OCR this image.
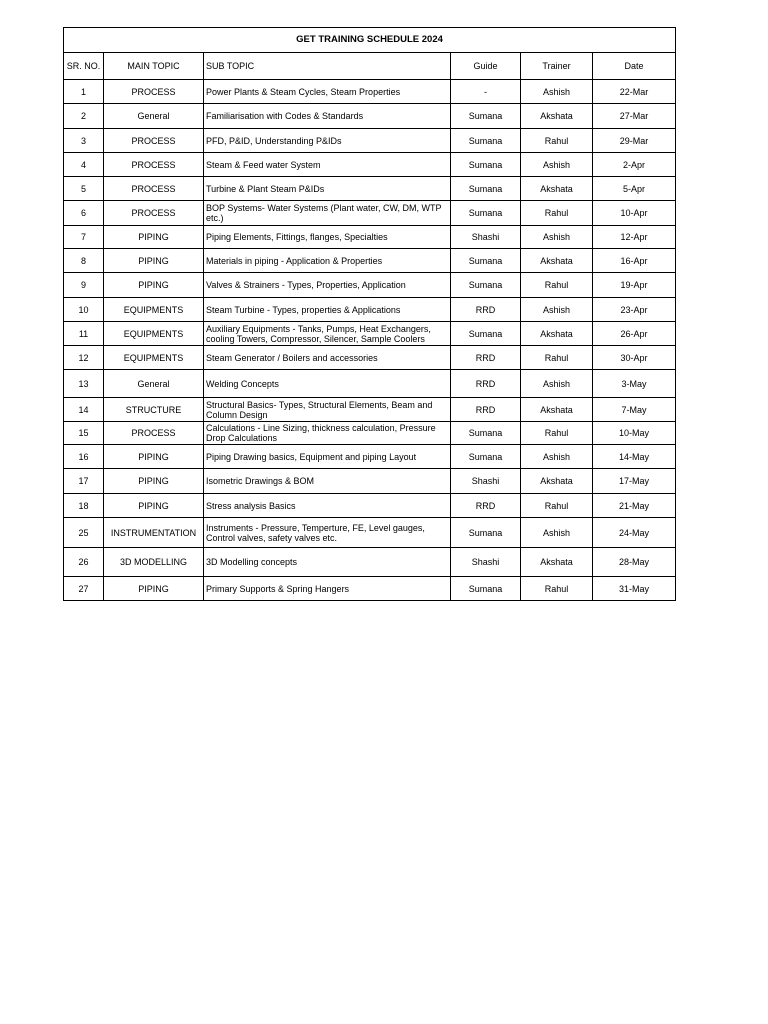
GET TRAINING SCHEDULE 2024					
SR. NO.	MAIN TOPIC	SUB TOPIC	Guide	Trainer	Date
1	PROCESS	Power Plants & Steam Cycles, Steam Properties	-	Ashish	22-Mar
2	General	Familiarisation with Codes & Standards	Sumana	Akshata	27-Mar
3	PROCESS	PFD, P&ID, Understanding P&IDs	Sumana	Rahul	29-Mar
4	PROCESS	Steam & Feed water System	Sumana	Ashish	2-Apr
5	PROCESS	Turbine & Plant Steam P&IDs	Sumana	Akshata	5-Apr
6	PROCESS	BOP Systems- Water Systems (Plant water, CW, DM, WTP etc.)	Sumana	Rahul	10-Apr
7	PIPING	Piping Elements, Fittings, flanges, Specialties	Shashi	Ashish	12-Apr
8	PIPING	Materials in piping - Application & Properties	Sumana	Akshata	16-Apr
9	PIPING	Valves & Strainers - Types, Properties, Application	Sumana	Rahul	19-Apr
10	EQUIPMENTS	Steam Turbine - Types, properties & Applications	RRD	Ashish	23-Apr
11	EQUIPMENTS	Auxiliary Equipments - Tanks, Pumps, Heat Exchangers, cooling Towers, Compressor, Silencer, Sample Coolers	Sumana	Akshata	26-Apr
12	EQUIPMENTS	Steam Generator / Boilers and accessories	RRD	Rahul	30-Apr
13	General	Welding Concepts	RRD	Ashish	3-May
14	STRUCTURE	Structural Basics- Types, Structural Elements, Beam and Column Design	RRD	Akshata	7-May
15	PROCESS	Calculations - Line Sizing, thickness calculation, Pressure Drop Calculations	Sumana	Rahul	10-May
16	PIPING	Piping Drawing basics, Equipment and piping Layout	Sumana	Ashish	14-May
17	PIPING	Isometric Drawings & BOM	Shashi	Akshata	17-May
18	PIPING	Stress analysis Basics	RRD	Rahul	21-May
25	INSTRUMENTATION	Instruments - Pressure, Temperture, FE, Level gauges, Control valves, safety valves etc.	Sumana	Ashish	24-May
26	3D MODELLING	3D Modelling concepts	Shashi	Akshata	28-May
27	PIPING	Primary Supports & Spring Hangers	Sumana	Rahul	31-May
